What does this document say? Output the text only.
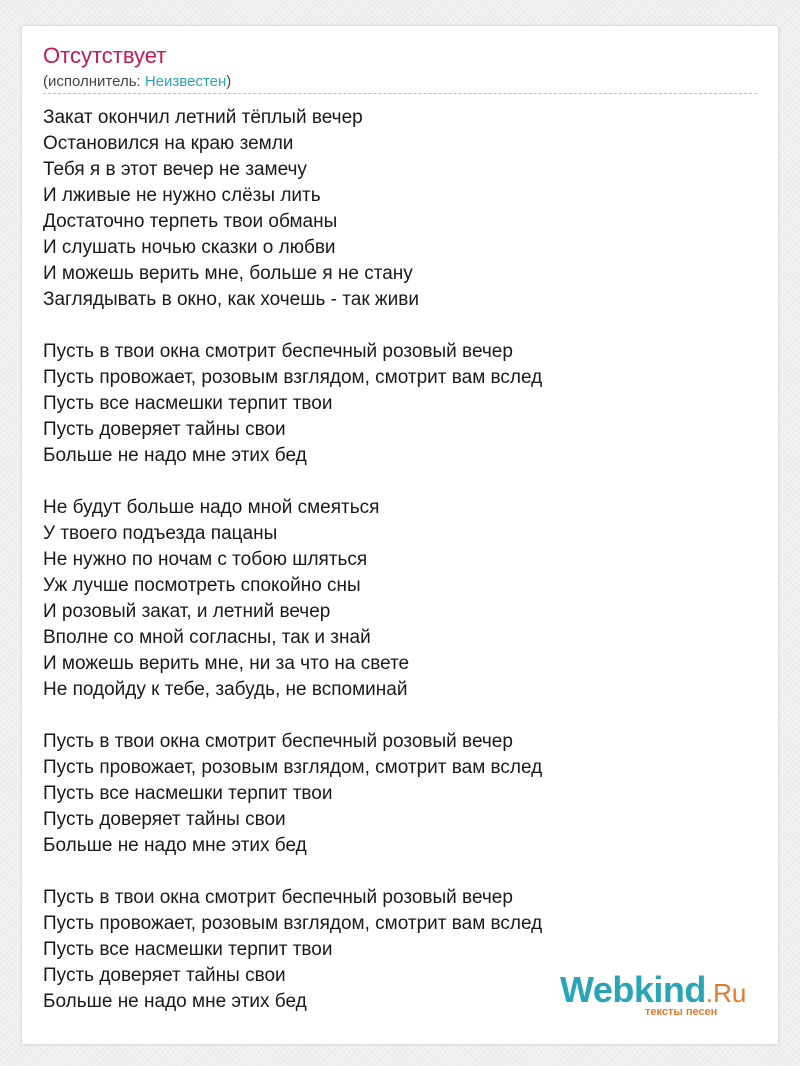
Отсутствует
(исполнитель: Неизвестен)
Закат окончил летний тёплый вечер
Остановился на краю земли
Тебя я в этот вечер не замечу
И лживые не нужно слёзы лить
Достаточно терпеть твои обманы
И слушать ночью сказки о любви
И можешь верить мне, больше я не стану
Заглядывать в окно, как хочешь - так живи
Пусть в твои окна смотрит беспечный розовый вечер
Пусть провожает, розовым взглядом, смотрит вам вслед
Пусть все насмешки терпит твои
Пусть доверяет тайны свои
Больше не надо мне этих бед
Не будут больше надо мной смеяться
У твоего подъезда пацаны
Не нужно по ночам с тобою шляться
Уж лучше посмотреть спокойно сны
И розовый закат, и летний вечер
Вполне со мной согласны, так и знай
И можешь верить мне, ни за что на свете
Не подойду к тебе, забудь, не вспоминай
Пусть в твои окна смотрит беспечный розовый вечер
Пусть провожает, розовым взглядом, смотрит вам вслед
Пусть все насмешки терпит твои
Пусть доверяет тайны свои
Больше не надо мне этих бед
Пусть в твои окна смотрит беспечный розовый вечер
Пусть провожает, розовым взглядом, смотрит вам вслед
Пусть все насмешки терпит твои
Пусть доверяет тайны свои
Больше не надо мне этих бед	Webkind.Ru
тексты песен
